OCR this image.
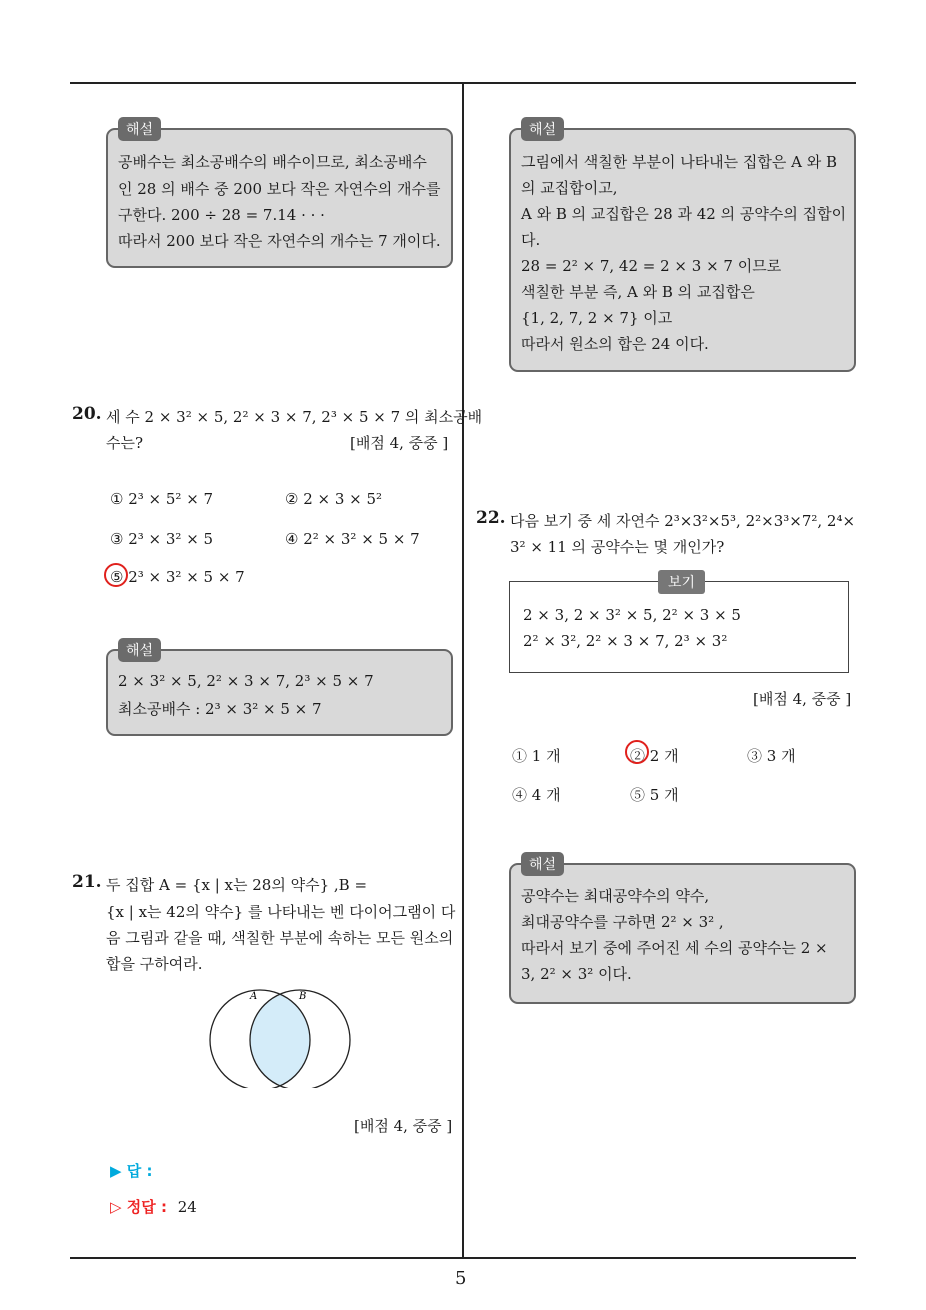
5
해설
공배수는 최소공배수의 배수이므로, 최소공배수
인 28 의 배수 중 200 보다 작은 자연수의 개수를
구한다. 200 ÷ 28 = 7.14 · · ·
따라서 200 보다 작은 자연수의 개수는 7 개이다.
20. 세 수 2 × 3² × 5, 2² × 3 × 7, 2³ × 5 × 7 의 최소공배
수는?	[배점 4, 중중 ]
① 2³ × 5² × 7	② 2 × 3 × 5²
③ 2³ × 3² × 5	④ 2² × 3² × 5 × 7
⑤ 2³ × 3² × 5 × 7
해설
2 × 3² × 5, 2² × 3 × 7, 2³ × 5 × 7
최소공배수 : 2³ × 3² × 5 × 7
21. 두 집합 A = {x | x는 28의 약수} ,B =
{x | x는 42의 약수} 를 나타내는 벤 다이어그램이 다
음 그림과 같을 때, 색칠한 부분에 속하는 모든 원소의
합을 구하여라.
A	B
[배점 4, 중중 ]
▶ 답 :
▷ 정답 : 24
해설
그림에서 색칠한 부분이 나타내는 집합은 A 와 B
의 교집합이고,
A 와 B 의 교집합은 28 과 42 의 공약수의 집합이
다.
28 = 2² × 7, 42 = 2 × 3 × 7 이므로
색칠한 부분 즉, A 와 B 의 교집합은
{1, 2, 7, 2 × 7} 이고
따라서 원소의 합은 24 이다.
22. 다음 보기 중 세 자연수 2³×3²×5³, 2²×3³×7², 2⁴×
3² × 11 의 공약수는 몇 개인가?
보기
2 × 3, 2 × 3² × 5, 2² × 3 × 5
2² × 3², 2² × 3 × 7, 2³ × 3²
[배점 4, 중중 ]
① 1 개	② 2 개	③ 3 개
④ 4 개	⑤ 5 개
해설
공약수는 최대공약수의 약수,
최대공약수를 구하면 2² × 3² ,
따라서 보기 중에 주어진 세 수의 공약수는 2 ×
3, 2² × 3² 이다.
